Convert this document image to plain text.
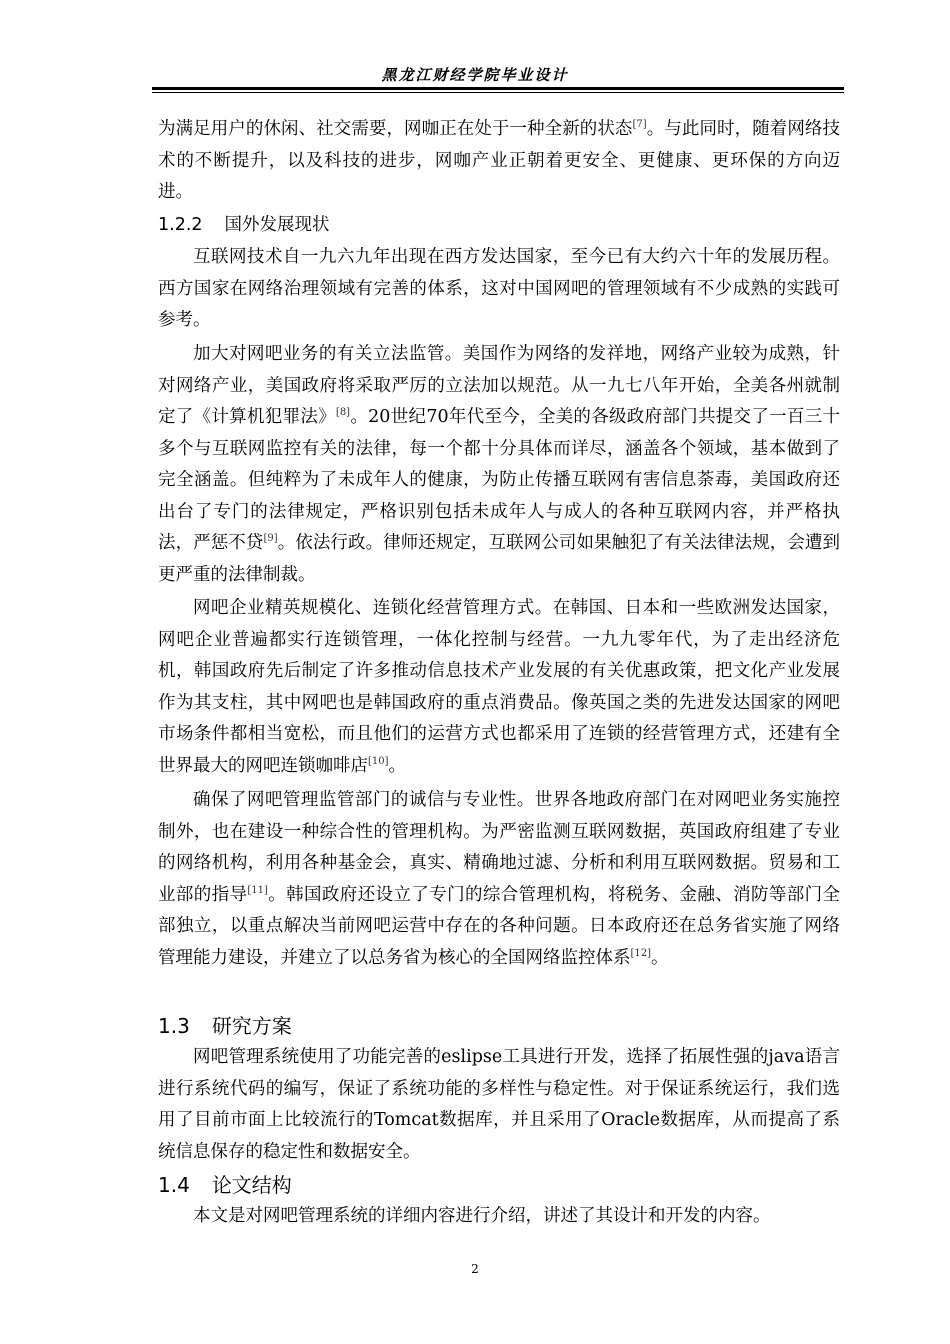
黑龙江财经学院毕业设计

为满足用户的休闲、社交需要，网咖正在处于一种全新的状态[7]。与此同时，随着网络技术的不断提升，以及科技的进步，网咖产业正朝着更安全、更健康、更环保的方向迈进。

1.2.2 国外发展现状

互联网技术自一九六九年出现在西方发达国家，至今已有大约六十年的发展历程。西方国家在网络治理领域有完善的体系，这对中国网吧的管理领域有不少成熟的实践可参考。

加大对网吧业务的有关立法监管。美国作为网络的发祥地，网络产业较为成熟，针对网络产业，美国政府将采取严厉的立法加以规范。从一九七八年开始，全美各州就制定了《计算机犯罪法》[8]。20世纪70年代至今，全美的各级政府部门共提交了一百三十多个与互联网监控有关的法律，每一个都十分具体而详尽，涵盖各个领域，基本做到了完全涵盖。但纯粹为了未成年人的健康，为防止传播互联网有害信息荼毒，美国政府还出台了专门的法律规定，严格识别包括未成年人与成人的各种互联网内容，并严格执法，严惩不贷[9]。依法行政。律师还规定，互联网公司如果触犯了有关法律法规，会遭到更严重的法律制裁。

网吧企业精英规模化、连锁化经营管理方式。在韩国、日本和一些欧洲发达国家，网吧企业普遍都实行连锁管理，一体化控制与经营。一九九零年代，为了走出经济危机，韩国政府先后制定了许多推动信息技术产业发展的有关优惠政策，把文化产业发展作为其支柱，其中网吧也是韩国政府的重点消费品。像英国之类的先进发达国家的网吧市场条件都相当宽松，而且他们的运营方式也都采用了连锁的经营管理方式，还建有全世界最大的网吧连锁咖啡店[10]。

确保了网吧管理监管部门的诚信与专业性。世界各地政府部门在对网吧业务实施控制外，也在建设一种综合性的管理机构。为严密监测互联网数据，英国政府组建了专业的网络机构，利用各种基金会，真实、精确地过滤、分析和利用互联网数据。贸易和工业部的指导[11]。韩国政府还设立了专门的综合管理机构，将税务、金融、消防等部门全部独立，以重点解决当前网吧运营中存在的各种问题。日本政府还在总务省实施了网络管理能力建设，并建立了以总务省为核心的全国网络监控体系[12]。

1.3 研究方案

网吧管理系统使用了功能完善的eslipse工具进行开发，选择了拓展性强的java语言进行系统代码的编写，保证了系统功能的多样性与稳定性。对于保证系统运行，我们选用了目前市面上比较流行的Tomcat数据库，并且采用了Oracle数据库，从而提高了系统信息保存的稳定性和数据安全。

1.4 论文结构

本文是对网吧管理系统的详细内容进行介绍，讲述了其设计和开发的内容。

2
